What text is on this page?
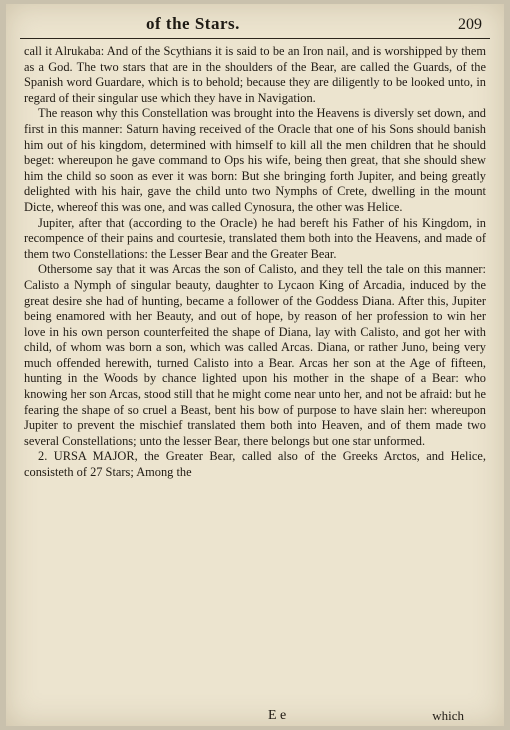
of the Stars.	209

call it Alrukaba: And of the Scythians it is said to be an Iron nail, and is worshipped by them as a God. The two stars that are in the shoulders of the Bear, are called the Guards, of the Spanish word Guardare, which is to behold; because they are diligently to be looked unto, in regard of their singular use which they have in Navigation.

The reason why this Constellation was brought into the Heavens is diversly set down, and first in this manner: Saturn having received of the Oracle that one of his Sons should banish him out of his kingdom, determined with himself to kill all the men children that he should beget: whereupon he gave command to Ops his wife, being then great, that she should shew him the child so soon as ever it was born: But she bringing forth Jupiter, and being greatly delighted with his hair, gave the child unto two Nymphs of Crete, dwelling in the mount Dicte, whereof this was one, and was called Cynosura, the other was Helice.

Jupiter, after that (according to the Oracle) he had bereft his Father of his Kingdom, in recompence of their pains and courtesie, translated them both into the Heavens, and made of them two Constellations: the Lesser Bear and the Greater Bear.

Othersome say that it was Arcas the son of Calisto, and they tell the tale on this manner: Calisto a Nymph of singular beauty, daughter to Lycaon King of Arcadia, induced by the great desire she had of hunting, became a follower of the Goddess Diana. After this, Jupiter being enamored with her Beauty, and out of hope, by reason of her profession to win her love in his own person counterfeited the shape of Diana, lay with Calisto, and got her with child, of whom was born a son, which was called Arcas. Diana, or rather Juno, being very much offended herewith, turned Calisto into a Bear. Arcas her son at the Age of fifteen, hunting in the Woods by chance lighted upon his mother in the shape of a Bear: who knowing her son Arcas, stood still that he might come near unto her, and not be afraid: but he fearing the shape of so cruel a Beast, bent his bow of purpose to have slain her: whereupon Jupiter to prevent the mischief translated them both into Heaven, and of them made two several Constellations; unto the lesser Bear, there belongs but one star unformed.

2. URSA MAJOR, the Greater Bear, called also of the Greeks Arctos, and Helice, consisteth of 27 Stars; Among the

E e	which
